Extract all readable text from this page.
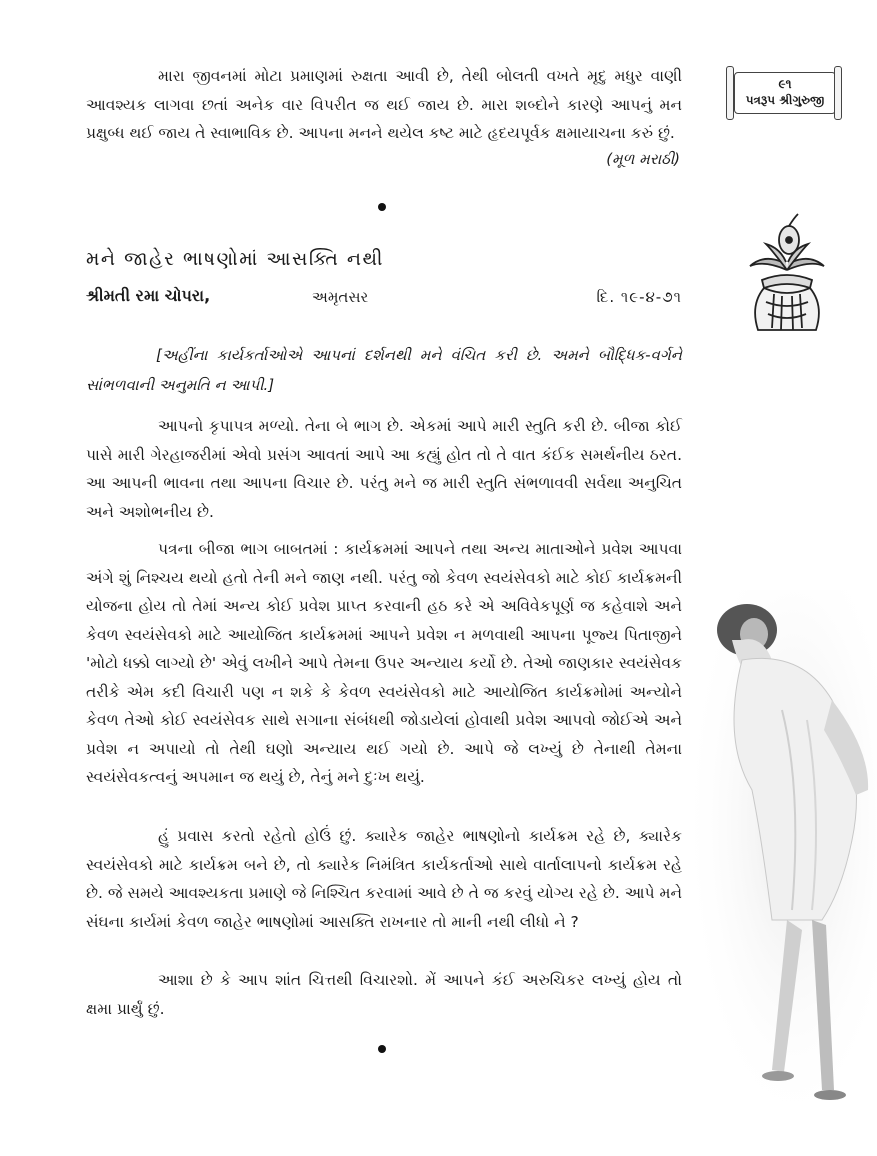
૯૧
પત્રરૂપ શ્રીગુરુજી

મારા જીવનમાં મોટા પ્રમાણમાં રુક્ષતા આવી છે, તેથી બોલતી વખતે મૃદુ મધુર વાણી આવશ્યક લાગવા છતાં અનેક વાર વિપરીત જ થઈ જાય છે. મારા શબ્દોને કારણે આપનું મન પ્રક્ષુબ્ધ થઈ જાય તે સ્વાભાવિક છે. આપના મનને થયેલ કષ્ટ માટે હૃદયપૂર્વક ક્ષમાયાચના કરું છું.

(મૂળ મરાઠી)
મને જાહેર ભાષણોમાં આસક્તિ નથી
શ્રીમતી રમા ચોપરા,	અમૃતસર	દિ. ૧૯-૪-૭૧
[અહીંના કાર્યકર્તાઓએ આપનાં દર્શનથી મને વંચિત કરી છે. અમને બૌદ્ધિક-વર્ગને સાંભળવાની અનુમતિ ન આપી.]

આપનો કૃપાપત્ર મળ્યો. તેના બે ભાગ છે. એકમાં આપે મારી સ્તુતિ કરી છે. બીજા કોઈ પાસે મારી ગેરહાજરીમાં એવો પ્રસંગ આવતાં આપે આ કહ્યું હોત તો તે વાત કંઈક સમર્થનીય ઠરત. આ આપની ભાવના તથા આપના વિચાર છે. પરંતુ મને જ મારી સ્તુતિ સંભળાવવી સર્વથા અનુચિત અને અશોભનીય છે.

પત્રના બીજા ભાગ બાબતમાં : કાર્યક્રમમાં આપને તથા અન્ય માતાઓને પ્રવેશ આપવા અંગે શું નિશ્ચય થયો હતો તેની મને જાણ નથી. પરંતુ જો કેવળ સ્વયંસેવકો માટે કોઈ કાર્યક્રમની યોજના હોય તો તેમાં અન્ય કોઈ પ્રવેશ પ્રાપ્ત કરવાની હઠ કરે એ અવિવેકપૂર્ણ જ કહેવાશે અને કેવળ સ્વયંસેવકો માટે આયોજિત કાર્યક્રમમાં આપને પ્રવેશ ન મળવાથી આપના પૂજ્ય પિતાજીને 'મોટો ધક્કો લાગ્યો છે' એવું લખીને આપે તેમના ઉપર અન્યાય કર્યો છે. તેઓ જાણકાર સ્વયંસેવક તરીકે એમ કદી વિચારી પણ ન શકે કે કેવળ સ્વયંસેવકો માટે આયોજિત કાર્યક્રમોમાં અન્યોને કેવળ તેઓ કોઈ સ્વયંસેવક સાથે સગાના સંબંધથી જોડાયેલાં હોવાથી પ્રવેશ આપવો જોઈએ અને પ્રવેશ ન અપાયો તો તેથી ઘણો અન્યાય થઈ ગયો છે. આપે જે લખ્યું છે તેનાથી તેમના સ્વયંસેવકત્વનું અપમાન જ થયું છે, તેનું મને દુઃખ થયું.

હું પ્રવાસ કરતો રહેતો હોઉં છું. ક્યારેક જાહેર ભાષણોનો કાર્યક્રમ રહે છે, ક્યારેક સ્વયંસેવકો માટે કાર્યક્રમ બને છે, તો ક્યારેક નિમંત્રિત કાર્યકર્તાઓ સાથે વાર્તાલાપનો કાર્યક્રમ રહે છે. જે સમયે આવશ્યકતા પ્રમાણે જે નિશ્ચિત કરવામાં આવે છે તે જ કરવું યોગ્ય રહે છે. આપે મને સંઘના કાર્યમાં કેવળ જાહેર ભાષણોમાં આસક્તિ રાખનાર તો માની નથી લીધો ને ?

આશા છે કે આપ શાંત ચિત્તથી વિચારશો. મેં આપને કંઈ અરુચિકર લખ્યું હોય તો ક્ષમા પ્રાર્થું છું.
